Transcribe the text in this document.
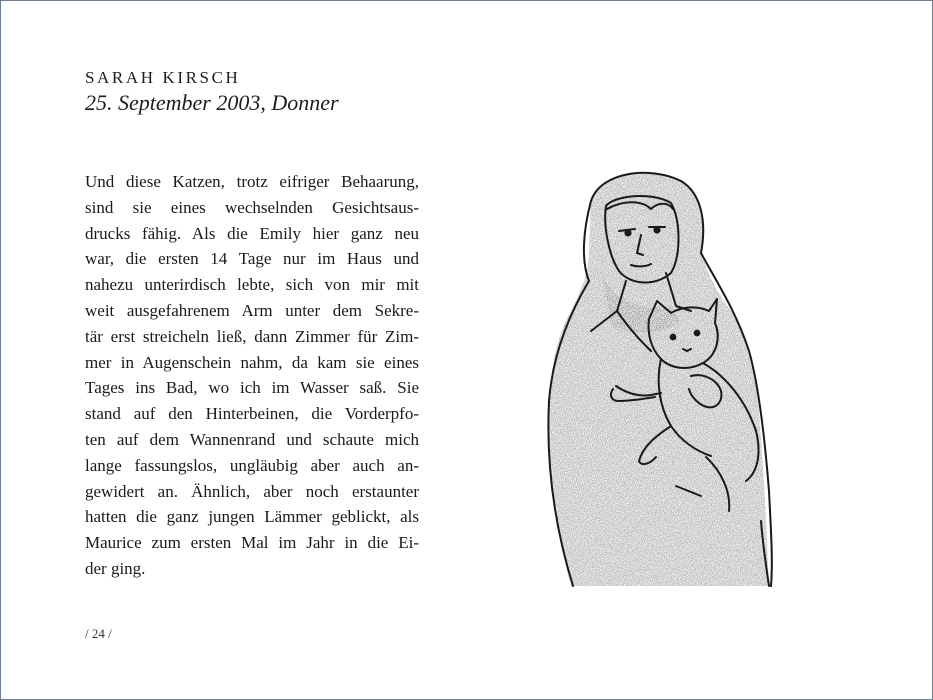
SARAH KIRSCH
25. September 2003, Donner
Und diese Katzen, trotz eifriger Behaarung,
sind sie eines wechselnden Gesichtsaus-
drucks fähig. Als die Emily hier ganz neu
war, die ersten 14 Tage nur im Haus und
nahezu unterirdisch lebte, sich von mir mit
weit ausgefahrenem Arm unter dem Sekre-
tär erst streicheln ließ, dann Zimmer für Zim-
mer in Augenschein nahm, da kam sie eines
Tages ins Bad, wo ich im Wasser saß. Sie
stand auf den Hinterbeinen, die Vorderpfo-
ten auf dem Wannenrand und schaute mich
lange fassungslos, ungläubig aber auch an-
gewidert an. Ähnlich, aber noch erstaunter
hatten die ganz jungen Lämmer geblickt, als
Maurice zum ersten Mal im Jahr in die Ei-
der ging.
/ 24 /
